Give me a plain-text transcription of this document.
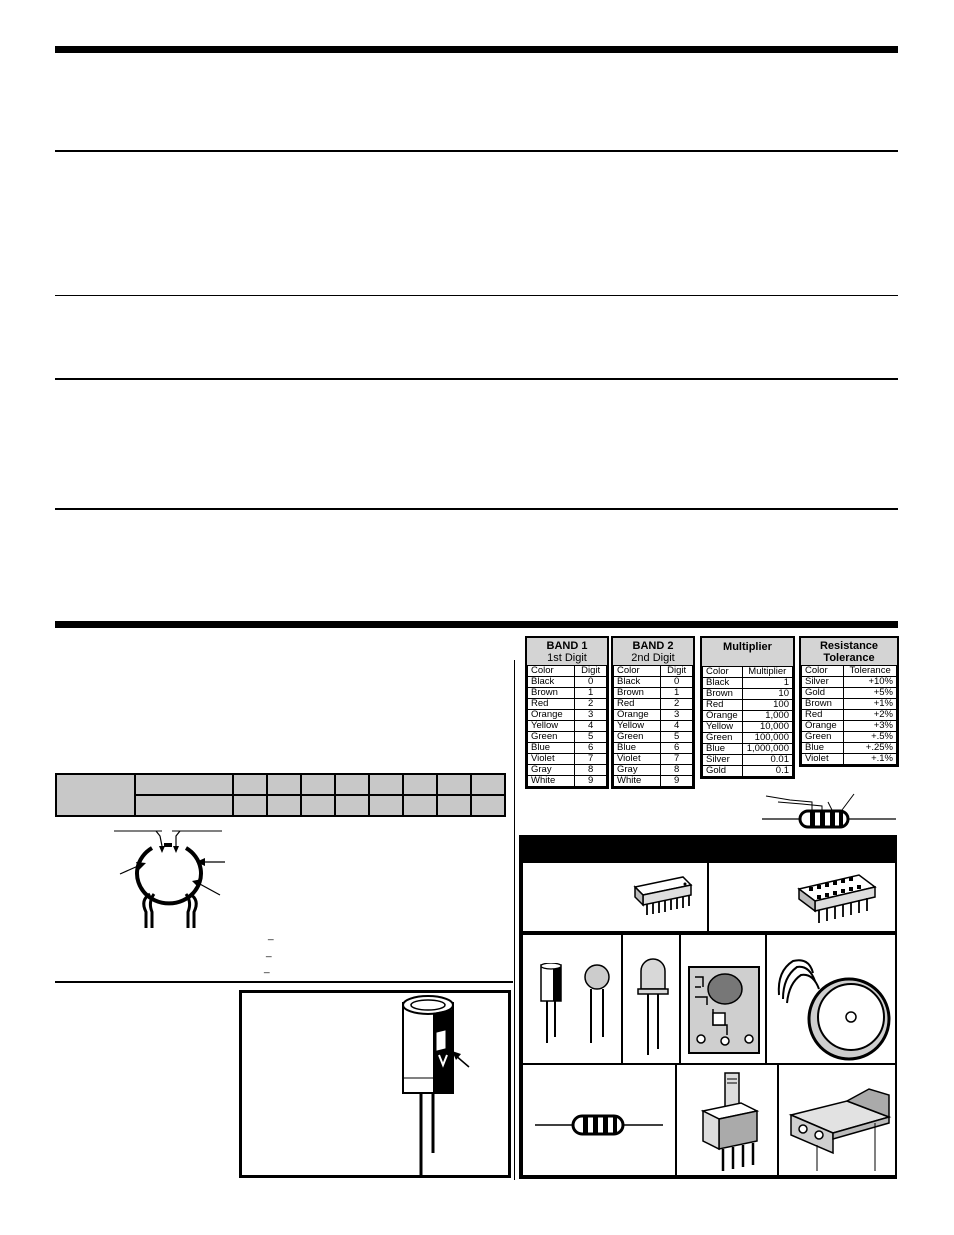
BAND 1
1st Digit
Color	Digit
Black	0
Brown	1
Red	2
Orange	3
Yellow	4
Green	5
Blue	6
Violet	7
Gray	8
White	9
BAND 2
2nd Digit
Color	Digit
Black	0
Brown	1
Red	2
Orange	3
Yellow	4
Green	5
Blue	6
Violet	7
Gray	8
White	9
Multiplier
Color	Multiplier
Black	1
Brown	10
Red	100
Orange	1,000
Yellow	10,000
Green	100,000
Blue	1,000,000
Silver	0.01
Gold	0.1
Resistance
Tolerance
Color	Tolerance
Silver	+10%
Gold	+5%
Brown	+1%
Red	+2%
Orange	+3%
Green	+.5%
Blue	+.25%
Violet	+.1%

_
_
_
